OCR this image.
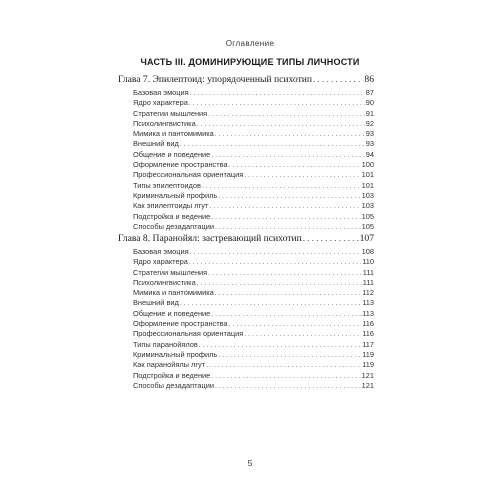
Оглавление
ЧАСТЬ III. ДОМИНИРУЮЩИЕ ТИПЫ ЛИЧНОСТИ
Глава 7. Эпилептоид: упорядоченный психотип . . .	86
Базовая эмоция . . .	87
Ядро характера . . .	90
Стратегии мышления . . .	91
Психолингвистика . . .	92
Мимика и пантомимика . . .	93
Внешний вид . . .	93
Общение и поведение . . .	94
Оформление пространства . . .	100
Профессиональная ориентация . . .	101
Типы эпилептоидов . . .	101
Криминальный профиль . . .	103
Как эпилептоиды лгут . . .	103
Подстройка и ведение . . .	105
Способы дезадаптации . . .	105
Глава 8. Паранойял: застревающий психотип . . .	107
Базовая эмоция . . .	108
Ядро характера . . .	110
Стратегии мышления . . .	111
Психолингвистика . . .	111
Мимика и пантомимика . . .	112
Внешний вид . . .	113
Общение и поведение . . .	113
Оформление пространства . . .	116
Профессиональная ориентация . . .	116
Типы паранойялов . . .	117
Криминальный профиль . . .	119
Как паранойялы лгут . . .	119
Подстройка и ведение . . .	121
Способы дезадаптации . . .	121
5
